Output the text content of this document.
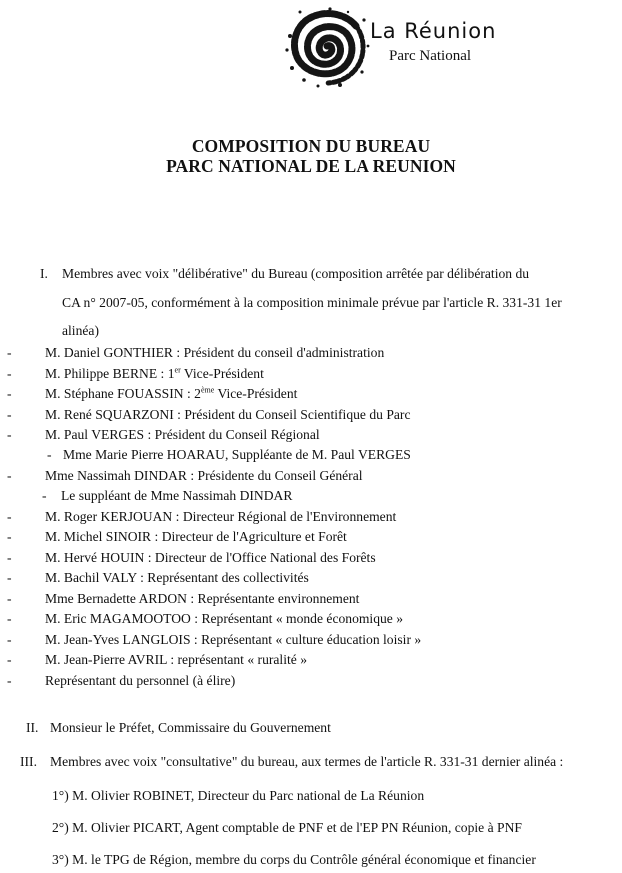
La Réunion
Parc National
COMPOSITION DU BUREAU
PARC NATIONAL DE LA REUNION
I. Membres avec voix "délibérative" du Bureau (composition arrêtée par délibération du
CA n° 2007-05, conformément à la composition minimale prévue par l'article R. 331-31 1er
alinéa)
- M. Daniel GONTHIER : Président du conseil d'administration
- M. Philippe BERNE : 1er Vice-Président
- M. Stéphane FOUASSIN : 2ème Vice-Président
- M. René SQUARZONI : Président du Conseil Scientifique du Parc
- M. Paul VERGES : Président du Conseil Régional
- Mme Marie Pierre HOARAU, Suppléante de M. Paul VERGES
- Mme Nassimah DINDAR : Présidente du Conseil Général
- Le suppléant de Mme Nassimah DINDAR
- M. Roger KERJOUAN : Directeur Régional de l'Environnement
- M. Michel SINOIR : Directeur de l'Agriculture et Forêt
- M. Hervé HOUIN : Directeur de l'Office National des Forêts
- M. Bachil VALY : Représentant des collectivités
- Mme Bernadette ARDON : Représentante environnement
- M. Eric MAGAMOOTOO : Représentant « monde économique »
- M. Jean-Yves LANGLOIS : Représentant « culture éducation loisir »
- M. Jean-Pierre AVRIL : représentant « ruralité »
- Représentant du personnel (à élire)
II. Monsieur le Préfet, Commissaire du Gouvernement
III. Membres avec voix "consultative" du bureau, aux termes de l'article R. 331-31 dernier alinéa :
1°) M. Olivier ROBINET, Directeur du Parc national de La Réunion
2°) M. Olivier PICART, Agent comptable de PNF et de l'EP PN Réunion, copie à PNF
3°) M. le TPG de Région, membre du corps du Contrôle général économique et financier
